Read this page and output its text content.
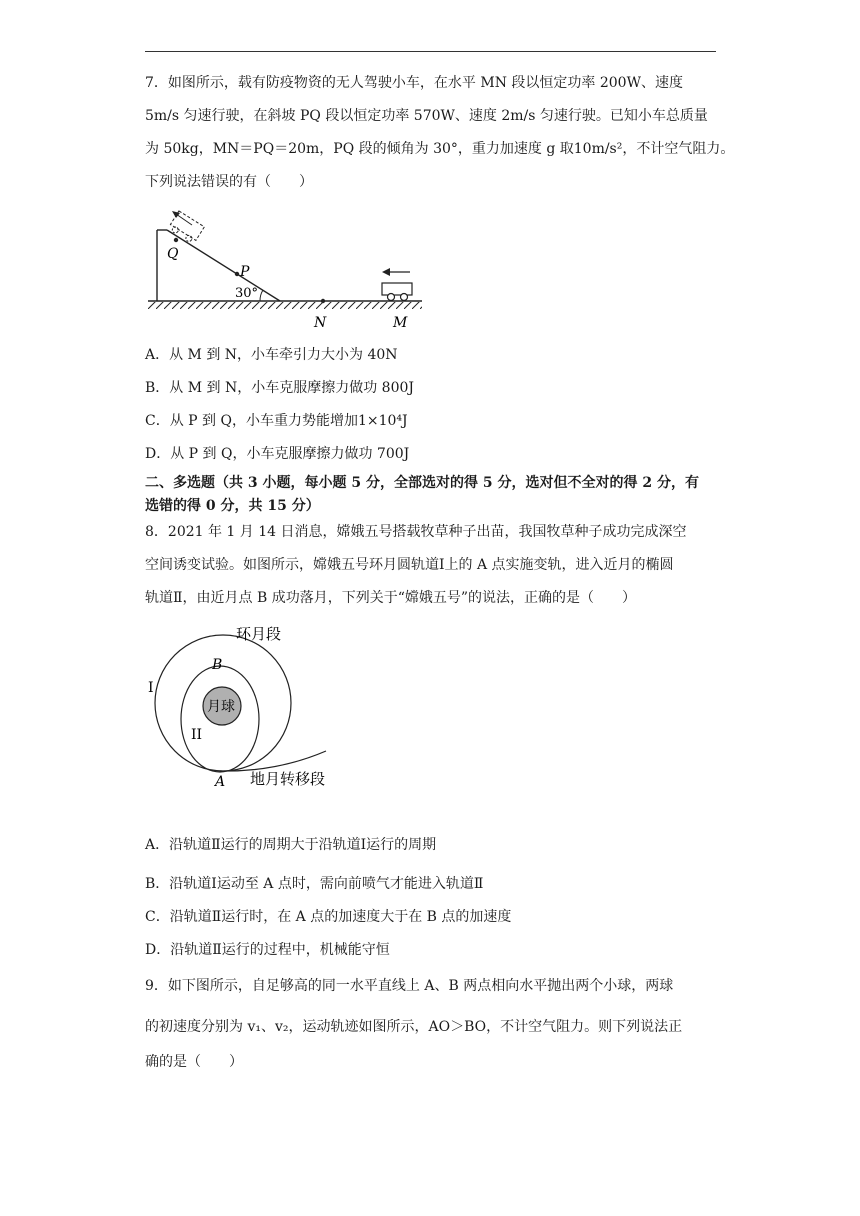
7．如图所示，载有防疫物资的无人驾驶小车，在水平 MN 段以恒定功率 200W、速度
5m/s 匀速行驶，在斜坡 PQ 段以恒定功率 570W、速度 2m/s 匀速行驶。已知小车总质量
为 50kg，MN＝PQ＝20m，PQ 段的倾角为 30°，重力加速度 g 取10m/s²，不计空气阻力。
下列说法错误的有（　　）
Q
P
30°
N	M
A．从 M 到 N，小车牵引力大小为 40N
B．从 M 到 N，小车克服摩擦力做功 800J
C．从 P 到 Q，小车重力势能增加1×10⁴J
D．从 P 到 Q，小车克服摩擦力做功 700J
二、多选题（共 3 小题，每小题 5 分，全部选对的得 5 分，选对但不全对的得 2 分，有
选错的得 0 分，共 15 分）
8．2021 年 1 月 14 日消息，嫦娥五号搭载牧草种子出苗，我国牧草种子成功完成深空
空间诱变试验。如图所示，嫦娥五号环月圆轨道Ⅰ上的 A 点实施变轨，进入近月的椭圆
轨道Ⅱ，由近月点 B 成功落月，下列关于“嫦娥五号”的说法，正确的是（　　）
月球
环月段
I
B
II
A 地月转移段
A．沿轨道Ⅱ运行的周期大于沿轨道Ⅰ运行的周期
B．沿轨道Ⅰ运动至 A 点时，需向前喷气才能进入轨道Ⅱ
C．沿轨道Ⅱ运行时，在 A 点的加速度大于在 B 点的加速度
D．沿轨道Ⅱ运行的过程中，机械能守恒
9．如下图所示，自足够高的同一水平直线上 A、B 两点相向水平抛出两个小球，两球
的初速度分别为 v₁、v₂，运动轨迹如图所示，AO＞BO，不计空气阻力。则下列说法正
确的是（　　）
